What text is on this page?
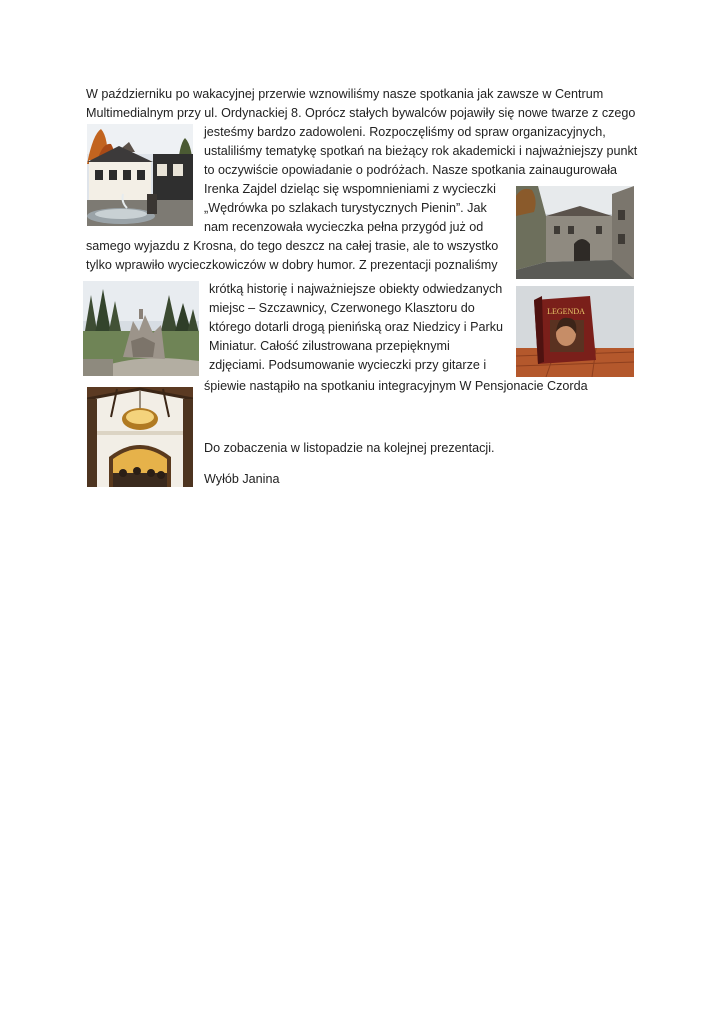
W październiku po wakacyjnej przerwie wznowiliśmy nasze spotkania jak zawsze w Centrum
Multimedialnym przy ul. Ordynackiej 8. Oprócz stałych bywalców pojawiły się nowe twarze z czego
jesteśmy bardzo zadowoleni. Rozpoczęliśmy od spraw organizacyjnych,
ustaliliśmy tematykę spotkań na bieżący rok akademicki i najważniejszy punkt
to oczywiście opowiadanie o podróżach. Nasze spotkania zainaugurowała
Irenka Zajdel dzieląc się wspomnieniami z wycieczki
„Wędrówka po szlakach turystycznych Pienin”. Jak
nam recenzowała wycieczka pełna przygód już od
samego wyjazdu z Krosna, do tego deszcz na całej trasie, ale to wszystko
tylko wprawiło wycieczkowiczów w dobry humor. Z prezentacji poznaliśmy
krótką historię i najważniejsze obiekty odwiedzanych
miejsc – Szczawnicy, Czerwonego Klasztoru do
którego dotarli drogą pienińską oraz Niedzicy i Parku
Miniatur. Całość zilustrowana przepięknymi
zdjęciami. Podsumowanie wycieczki przy gitarze i
śpiewie nastąpiło na spotkaniu integracyjnym W Pensjonacie Czorda
Do zobaczenia w listopadzie na kolejnej prezentacji.
Wyłób Janina
LEGENDA
